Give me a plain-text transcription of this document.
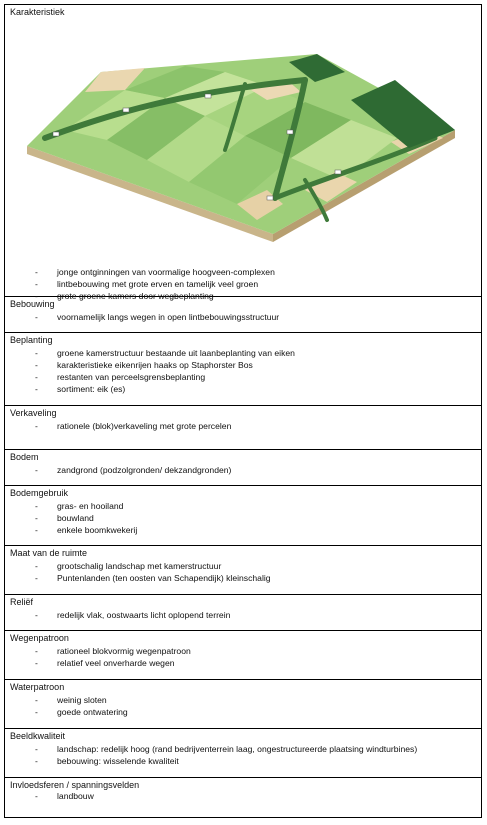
Karakteristiek
- jonge ontginningen van voormalige hoogveen-complexen
- lintbebouwing met grote erven en tamelijk veel groen
- grote groene kamers door wegbeplanting
Bebouwing
- voornamelijk langs wegen in open lintbebouwingsstructuur
Beplanting
- groene kamerstructuur bestaande uit laanbeplanting van eiken
- karakteristieke eikenrijen haaks op Staphorster Bos
- restanten van perceelsgrensbeplanting
- sortiment: eik (es)
Verkaveling
- rationele (blok)verkaveling met grote percelen
Bodem
- zandgrond (podzolgronden/ dekzandgronden)
Bodemgebruik
- gras- en hooiland
- bouwland
- enkele boomkwekerij
Maat van de ruimte
- grootschalig landschap met kamerstructuur
- Puntenlanden (ten oosten van Schapendijk) kleinschalig
Reliëf
- redelijk vlak, oostwaarts licht oplopend terrein
Wegenpatroon
- rationeel blokvormig wegenpatroon
- relatief veel onverharde wegen
Waterpatroon
- weinig sloten
- goede ontwatering
Beeldkwaliteit
- landschap: redelijk hoog (rand bedrijventerrein laag, ongestructureerde plaatsing windturbines)
- bebouwing: wisselende kwaliteit
Invloedsferen / spanningsvelden
- landbouw
